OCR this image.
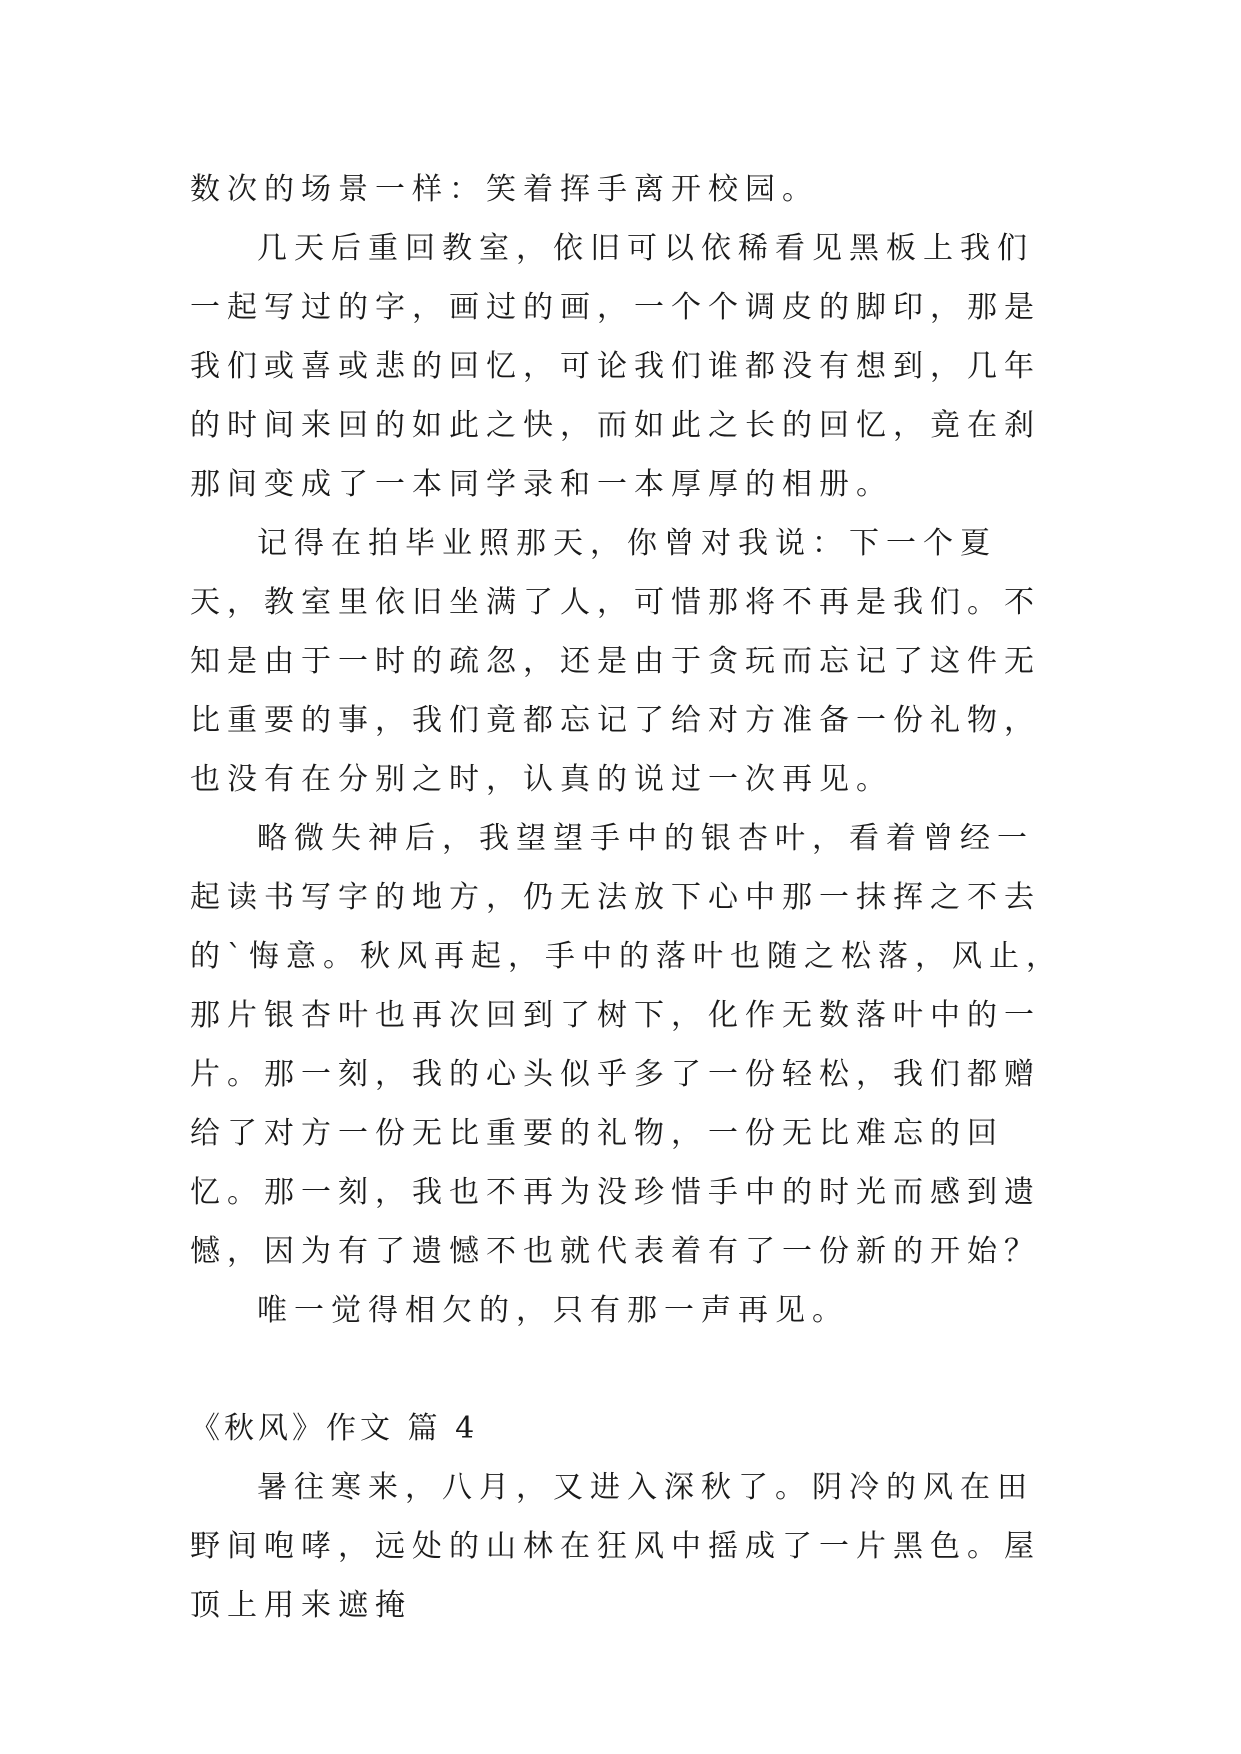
数次的场景一样：笑着挥手离开校园。

几天后重回教室，依旧可以依稀看见黑板上我们一起写过的字，画过的画，一个个调皮的脚印，那是我们或喜或悲的回忆，可论我们谁都没有想到，几年的时间来回的如此之快，而如此之长的回忆，竟在刹那间变成了一本同学录和一本厚厚的相册。

记得在拍毕业照那天，你曾对我说：下一个夏天，教室里依旧坐满了人，可惜那将不再是我们。不知是由于一时的疏忽，还是由于贪玩而忘记了这件无比重要的事，我们竟都忘记了给对方准备一份礼物，也没有在分别之时，认真的说过一次再见。

略微失神后，我望望手中的银杏叶，看着曾经一起读书写字的地方，仍无法放下心中那一抹挥之不去的`悔意。秋风再起，手中的落叶也随之松落，风止，那片银杏叶也再次回到了树下，化作无数落叶中的一片。那一刻，我的心头似乎多了一份轻松，我们都赠给了对方一份无比重要的礼物，一份无比难忘的回忆。那一刻，我也不再为没珍惜手中的时光而感到遗憾，因为有了遗憾不也就代表着有了一份新的开始？

唯一觉得相欠的，只有那一声再见。

《秋风》作文 篇 4

暑往寒来，八月，又进入深秋了。阴冷的风在田野间咆哮，远处的山林在狂风中摇成了一片黑色。屋顶上用来遮掩
